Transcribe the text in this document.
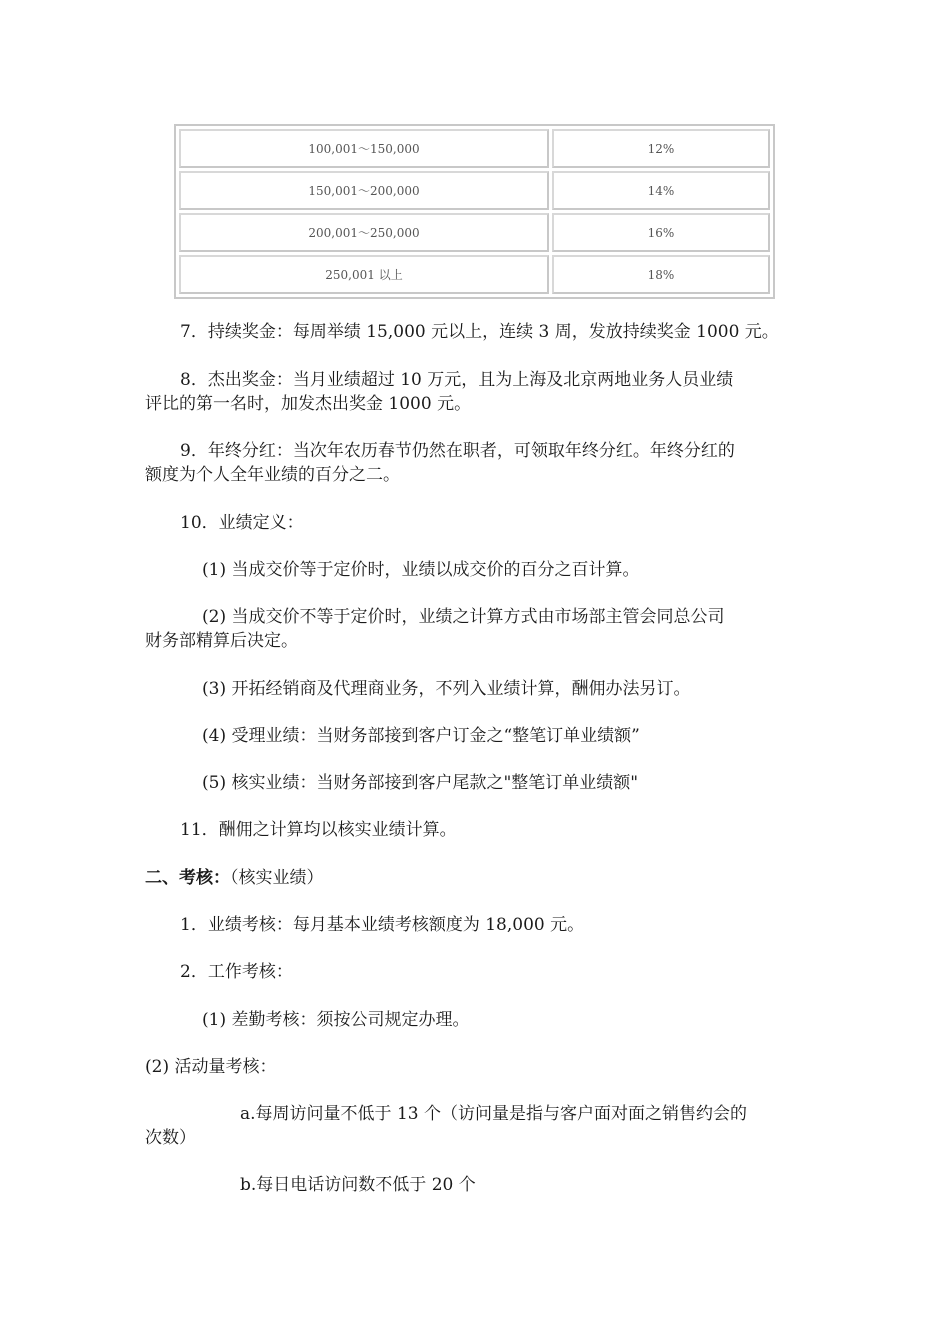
100,001～150,000	12%
150,001～200,000	14%
200,001～250,000	16%
250,001 以上	18%

7．持续奖金：每周举绩 15,000 元以上，连续 3 周，发放持续奖金 1000 元。

8．杰出奖金：当月业绩超过 10 万元，且为上海及北京两地业务人员业绩

评比的第一名时，加发杰出奖金 1000 元。

9．年终分红：当次年农历春节仍然在职者，可领取年终分红。年终分红的

额度为个人全年业绩的百分之二。

10．业绩定义：

(1) 当成交价等于定价时，业绩以成交价的百分之百计算。

(2) 当成交价不等于定价时，业绩之计算方式由市场部主管会同总公司

财务部精算后决定。

(3) 开拓经销商及代理商业务，不列入业绩计算，酬佣办法另订。

(4) 受理业绩：当财务部接到客户订金之“整笔订单业绩额”

(5) 核实业绩：当财务部接到客户尾款之"整笔订单业绩额"

11．酬佣之计算均以核实业绩计算。

二、考核：（核实业绩）

1．业绩考核：每月基本业绩考核额度为 18,000 元。

2．工作考核：

(1) 差勤考核：须按公司规定办理。

(2) 活动量考核：

a.每周访问量不低于 13 个（访问量是指与客户面对面之销售约会的

次数）

b.每日电话访问数不低于 20 个
